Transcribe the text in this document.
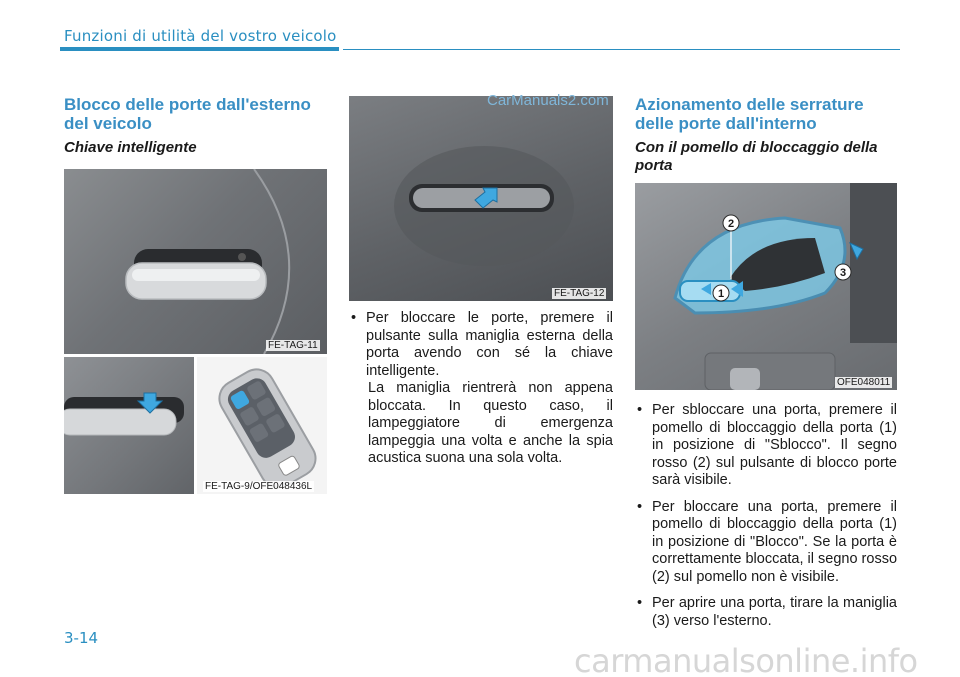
Funzioni di utilità del vostro veicolo
Blocco delle porte dall'esterno del veicolo
Chiave intelligente
FE-TAG-11
FE-TAG-9/OFE048436L
FE-TAG-12
• Per bloccare le porte, premere il pulsante sulla maniglia esterna della porta avendo con sé la chiave intelligente.
La maniglia rientrerà non appena bloccata. In questo caso, il lampeggiatore di emergenza lampeggia una volta e anche la spia acustica suona una sola volta.
CarManuals2.com Azionamento delle serrature delle porte dall'interno
Con il pomello di bloccaggio della porta
2
1
3
OFE048011
• Per sbloccare una porta, premere il pomello di bloccaggio della porta (1) in posizione di "Sblocco". Il segno rosso (2) sul pulsante di blocco porte sarà visibile.
• Per bloccare una porta, premere il pomello di bloccaggio della porta (1) in posizione di "Blocco". Se la porta è correttamente bloccata, il segno rosso (2) sul pomello non è visibile.
• Per aprire una porta, tirare la maniglia (3) verso l'esterno.
3-14
carmanualsonline.info
